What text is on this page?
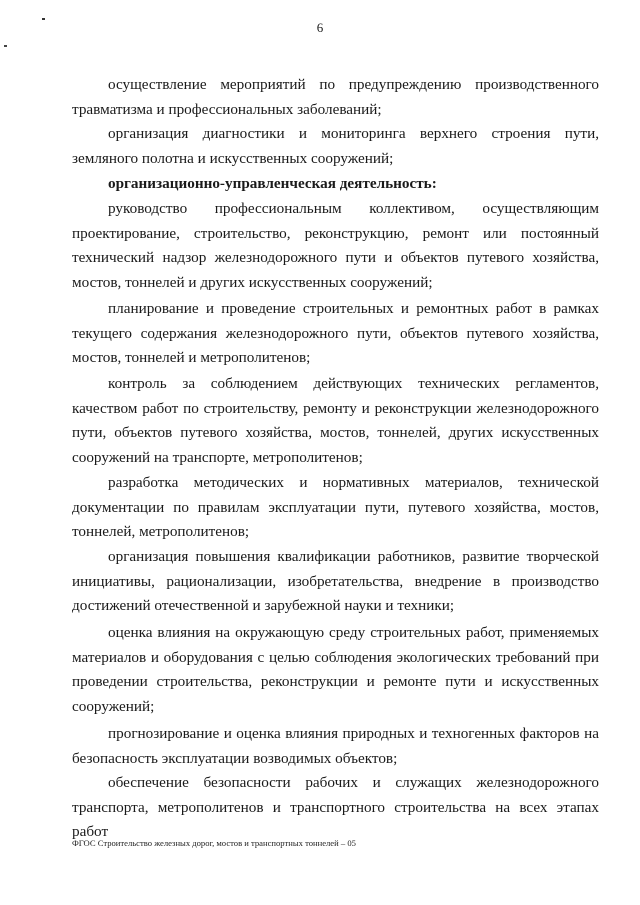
6

осуществление мероприятий по предупреждению производственного травматизма и профессиональных заболеваний;

организация диагностики и мониторинга верхнего строения пути, земляного полотна и искусственных сооружений;

организационно-управленческая деятельность:

руководство профессиональным коллективом, осуществляющим проектирование, строительство, реконструкцию, ремонт или постоянный технический надзор железнодорожного пути и объектов путевого хозяйства, мостов, тоннелей и других искусственных сооружений;

планирование и проведение строительных и ремонтных работ в рамках текущего содержания железнодорожного пути, объектов путевого хозяйства, мостов, тоннелей и метрополитенов;

контроль за соблюдением действующих технических регламентов, качеством работ по строительству, ремонту и реконструкции железнодорожного пути, объектов путевого хозяйства, мостов, тоннелей, других искусственных сооружений на транспорте, метрополитенов;

разработка методических и нормативных материалов, технической документации по правилам эксплуатации пути, путевого хозяйства, мостов, тоннелей, метрополитенов;

организация повышения квалификации работников, развитие творческой инициативы, рационализации, изобретательства, внедрение в производство достижений отечественной и зарубежной науки и техники;

оценка влияния на окружающую среду строительных работ, применяемых материалов и оборудования с целью соблюдения экологических требований при проведении строительства, реконструкции и ремонте пути и искусственных сооружений;

прогнозирование и оценка влияния природных и техногенных факторов на безопасность эксплуатации возводимых объектов;

обеспечение безопасности рабочих и служащих железнодорожного транспорта, метрополитенов и транспортного строительства на всех этапах работ

ФГОС Строительство железных дорог, мостов и транспортных тоннелей – 05
